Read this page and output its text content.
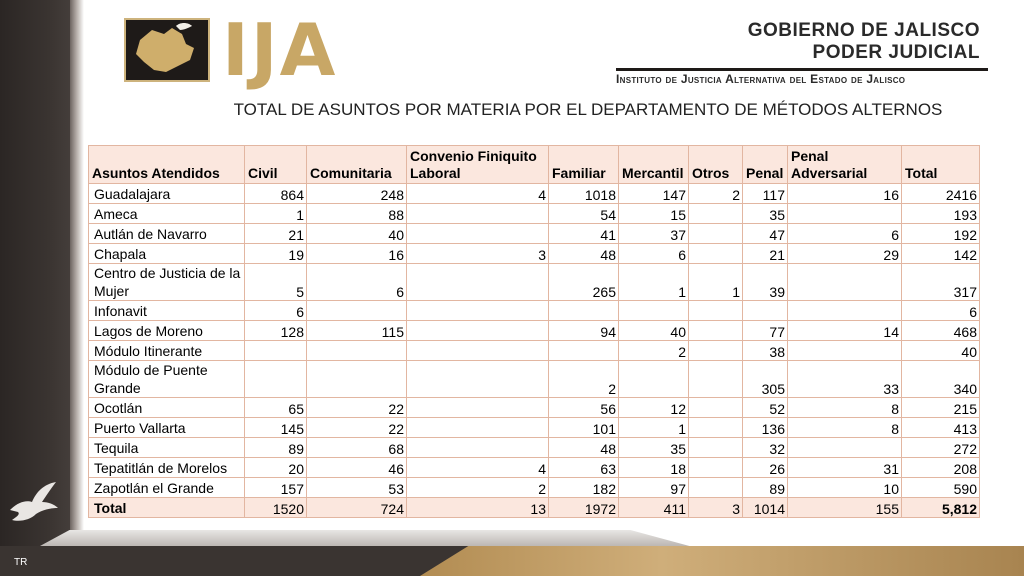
TR
IJA	GOBIERNO DE JALISCO
PODER JUDICIAL
Instituto de Justicia Alternativa del Estado de Jalisco
TOTAL DE ASUNTOS POR MATERIA POR EL DEPARTAMENTO DE MÉTODOS ALTERNOS
Asuntos Atendidos	Civil	Comunitaria	Convenio Finiquito Laboral	Familiar	Mercantil	Otros	Penal	Penal Adversarial	Total
Guadalajara	864	248	4	1018	147	2	117	16	2416
Ameca	1	88		54	15		35		193
Autlán de Navarro	21	40		41	37		47	6	192
Chapala	19	16	3	48	6		21	29	142
Centro de Justicia de la Mujer	5	6		265	1	1	39		317
Infonavit	6								6
Lagos de Moreno	128	115		94	40		77	14	468
Módulo Itinerante					2		38		40
Módulo de Puente Grande				2			305	33	340
Ocotlán	65	22		56	12		52	8	215
Puerto Vallarta	145	22		101	1		136	8	413
Tequila	89	68		48	35		32		272
Tepatitlán de Morelos	20	46	4	63	18		26	31	208
Zapotlán el Grande	157	53	2	182	97		89	10	590
Total	1520	724	13	1972	411	3	1014	155	5,812
